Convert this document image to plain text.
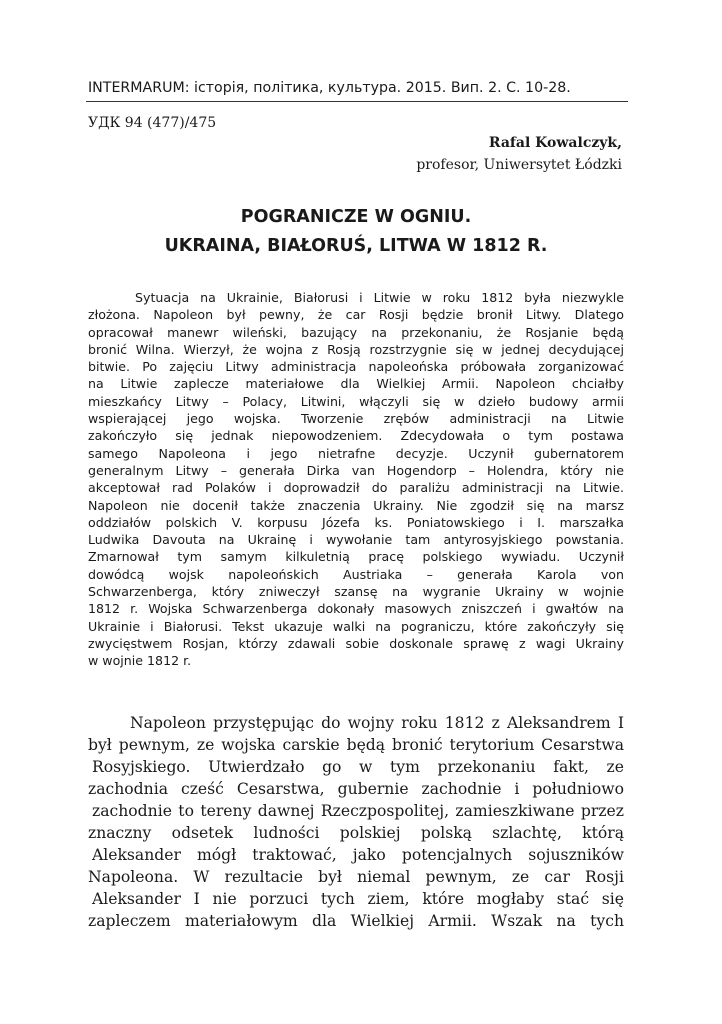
INTERMARUM: історія, політика, культура. 2015. Вип. 2. С. 10-28.
УДК 94 (477)/475
Rafal Kowalczyk,
profesor, Uniwersytet Łódzki
POGRANICZE W OGNIU.
UKRAINA, BIAŁORUŚ, LITWA W 1812 R.
Sytuacja na Ukrainie, Białorusi i Litwie w roku 1812 była niezwykle
złożona. Napoleon był pewny, że car Rosji będzie bronił Litwy. Dlatego
opracował manewr wileński, bazujący na przekonaniu, że Rosjanie będą
bronić Wilna. Wierzył, że wojna z Rosją rozstrzygnie się w jednej decydującej
bitwie. Po zajęciu Litwy administracja napoleońska próbowała zorganizować
na Litwie zaplecze materiałowe dla Wielkiej Armii. Napoleon chciałby
mieszkańcy Litwy – Polacy, Litwini, włączyli się w dzieło budowy armii
wspierającej jego wojska. Tworzenie zrębów administracji na Litwie
zakończyło się jednak niepowodzeniem. Zdecydowała o tym postawa
samego Napoleona i jego nietrafne decyzje. Uczynił gubernatorem
generalnym Litwy – generała Dirka van Hogendorp – Holendra, który nie
akceptował rad Polaków i doprowadził do paraliżu administracji na Litwie.
Napoleon nie docenił także znaczenia Ukrainy. Nie zgodził się na marsz
oddziałów polskich V. korpusu Józefa ks. Poniatowskiego i I. marszałka
Ludwika Davouta na Ukrainę i wywołanie tam antyrosyjskiego powstania.
Zmarnował tym samym kilkuletnią pracę polskiego wywiadu. Uczynił
dowódcą wojsk napoleońskich Austriaka – generała Karola von
Schwarzenberga, który zniweczył szansę na wygranie Ukrainy w wojnie
1812 r. Wojska Schwarzenberga dokonały masowych zniszczeń i gwałtów na
Ukrainie i Białorusi. Tekst ukazuje walki na pograniczu, które zakończyły się
zwycięstwem Rosjan, którzy zdawali sobie doskonale sprawę z wagi Ukrainy
w wojnie 1812 r.
Napoleon przystępując do wojny roku 1812 z Aleksandrem I
był pewnym, ze wojska carskie będą bronić terytorium Cesarstwa
Rosyjskiego. Utwierdzało go w tym przekonaniu fakt, ze
zachodnia cześć Cesarstwa, gubernie zachodnie i południowo
zachodnie to tereny dawnej Rzeczpospolitej, zamieszkiwane przez
znaczny odsetek ludności polskiej polską szlachtę, którą
Aleksander mógł traktować, jako potencjalnych sojuszników
Napoleona. W rezultacie był niemal pewnym, ze car Rosji
Aleksander I nie porzuci tych ziem, które mogłaby stać się
zapleczem materiałowym dla Wielkiej Armii. Wszak na tych
